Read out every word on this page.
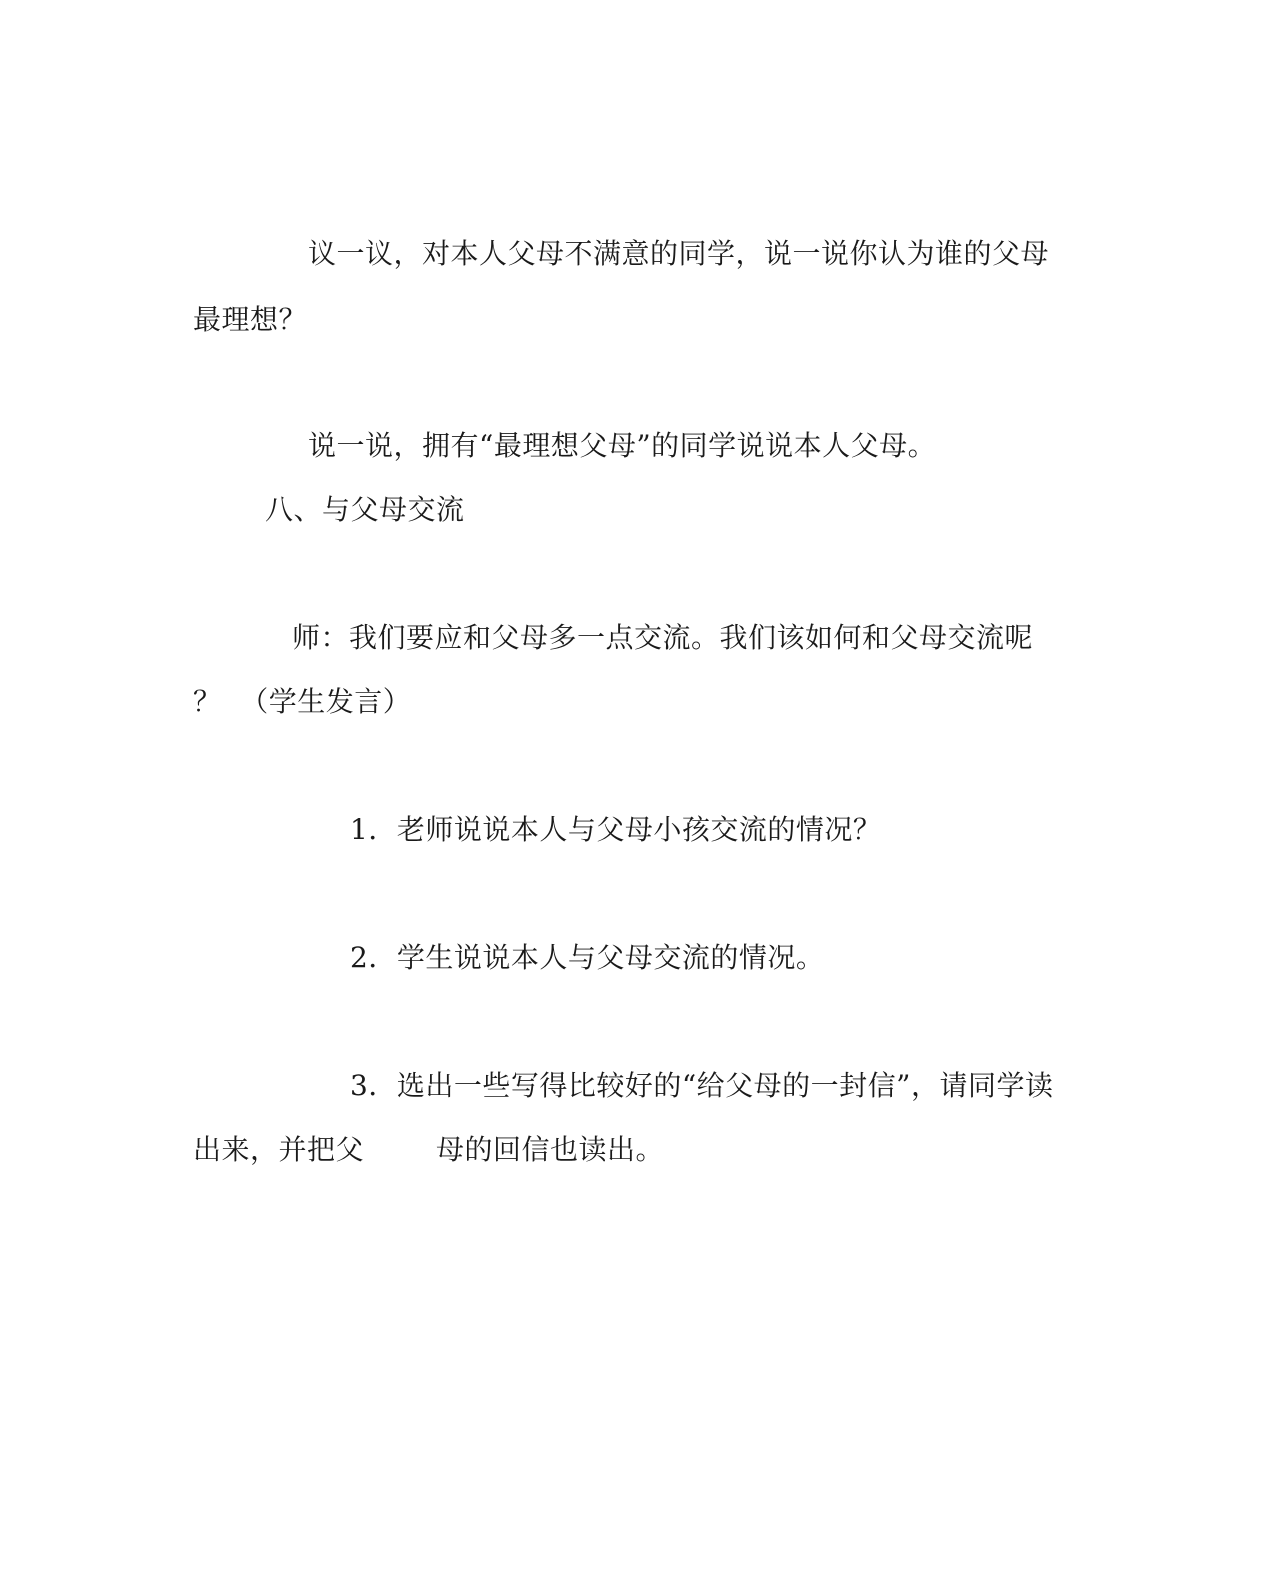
议一议，对本人父母不满意的同学，说一说你认为谁的父母
最理想？
说一说，拥有“最理想父母”的同学说说本人父母。
八、与父母交流
师：我们要应和父母多一点交流。我们该如何和父母交流呢
？  （学生发言）
1．老师说说本人与父母小孩交流的情况？
2．学生说说本人与父母交流的情况。
3．选出一些写得比较好的“给父母的一封信”，请同学读
出来，并把父	母的回信也读出。
